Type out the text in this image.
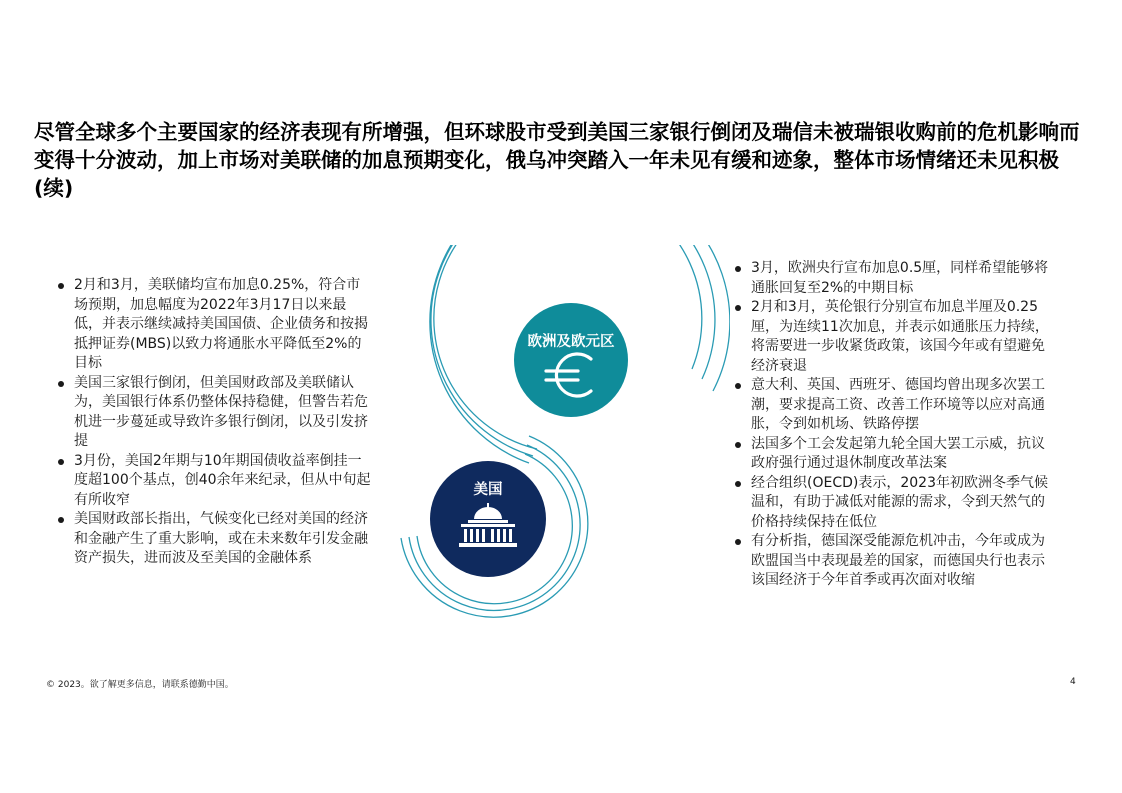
尽管全球多个主要国家的经济表现有所增强，但环球股市受到美国三家银行倒闭及瑞信未被瑞银收购前的危机影响而变得十分波动，加上市场对美联储的加息预期变化，俄乌冲突踏入一年未见有缓和迹象，整体市场情绪还未见积极(续)
2月和3月，美联储均宣布加息0.25%，符合市场预期，加息幅度为2022年3月17日以来最低，并表示继续减持美国国债、企业债务和按揭抵押证券(MBS)以致力将通胀水平降低至2%的目标
美国三家银行倒闭，但美国财政部及美联储认为，美国银行体系仍整体保持稳健，但警告若危机进一步蔓延或导致许多银行倒闭，以及引发挤提
3月份，美国2年期与10年期国债收益率倒挂一度超100个基点，创40余年来纪录，但从中旬起有所收窄
美国财政部长指出，气候变化已经对美国的经济和金融产生了重大影响，或在未来数年引发金融资产损失，进而波及至美国的金融体系
欧洲及欧元区
美国
3月，欧洲央行宣布加息0.5厘，同样希望能够将通胀回复至2%的中期目标
2月和3月，英伦银行分别宣布加息半厘及0.25厘，为连续11次加息，并表示如通胀压力持续，将需要进一步收紧货政策，该国今年或有望避免经济衰退
意大利、英国、西班牙、德国均曾出现多次罢工潮，要求提高工资、改善工作环境等以应对高通胀，令到如机场、铁路停摆
法国多个工会发起第九轮全国大罢工示威，抗议政府强行通过退休制度改革法案
经合组织(OECD)表示，2023年初欧洲冬季气候温和，有助于减低对能源的需求，令到天然气的价格持续保持在低位
有分析指，德国深受能源危机冲击，今年或成为欧盟国当中表现最差的国家，而德国央行也表示该国经济于今年首季或再次面对收缩

© 2023。欲了解更多信息，请联系德勤中国。	4
